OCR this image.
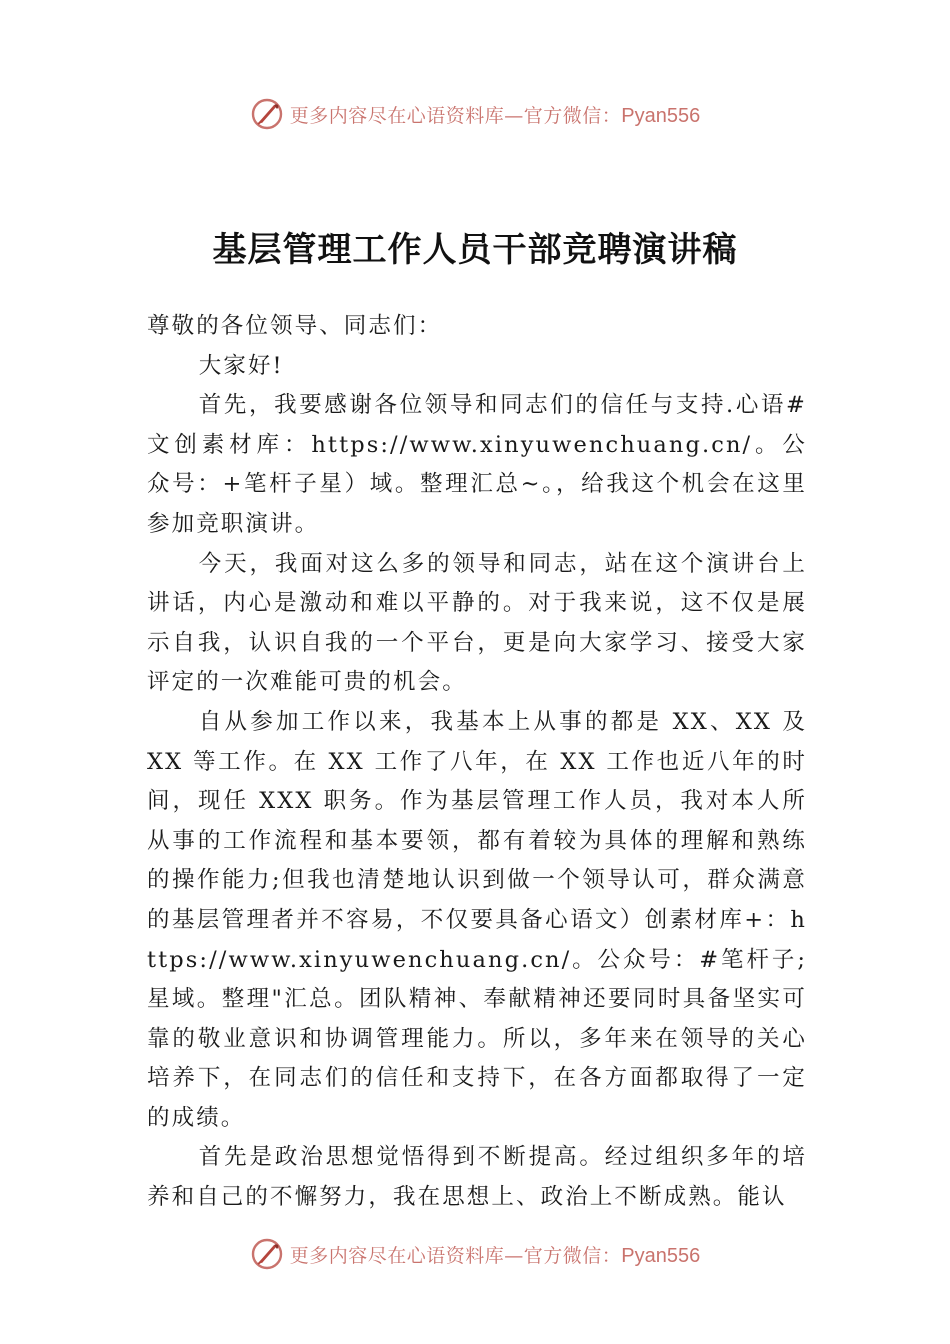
更多内容尽在心语资料库—官方微信：Pyan556
基层管理工作人员干部竞聘演讲稿

尊敬的各位领导、同志们：

大家好!

首先，我要感谢各位领导和同志们的信任与支持.心语#文创素材库：https://www.xinyuwenchuang.cn/。公众号：+笔杆子星）域。整理汇总~。，给我这个机会在这里参加竞职演讲。

今天，我面对这么多的领导和同志，站在这个演讲台上讲话，内心是激动和难以平静的。对于我来说，这不仅是展示自我，认识自我的一个平台，更是向大家学习、接受大家评定的一次难能可贵的机会。

自从参加工作以来，我基本上从事的都是 XX、XX 及 XX 等工作。在 XX 工作了八年，在 XX 工作也近八年的时间，现任 XXX 职务。作为基层管理工作人员，我对本人所从事的工作流程和基本要领，都有着较为具体的理解和熟练的操作能力;但我也清楚地认识到做一个领导认可，群众满意的基层管理者并不容易，不仅要具备心语文）创素材库+：https://www.xinyuwenchuang.cn/。公众号：#笔杆子;星域。整理"汇总。团队精神、奉献精神还要同时具备坚实可靠的敬业意识和协调管理能力。所以，多年来在领导的关心培养下，在同志们的信任和支持下，在各方面都取得了一定的成绩。

首先是政治思想觉悟得到不断提高。经过组织多年的培养和自己的不懈努力，我在思想上、政治上不断成熟。能认

更多内容尽在心语资料库—官方微信：Pyan556
